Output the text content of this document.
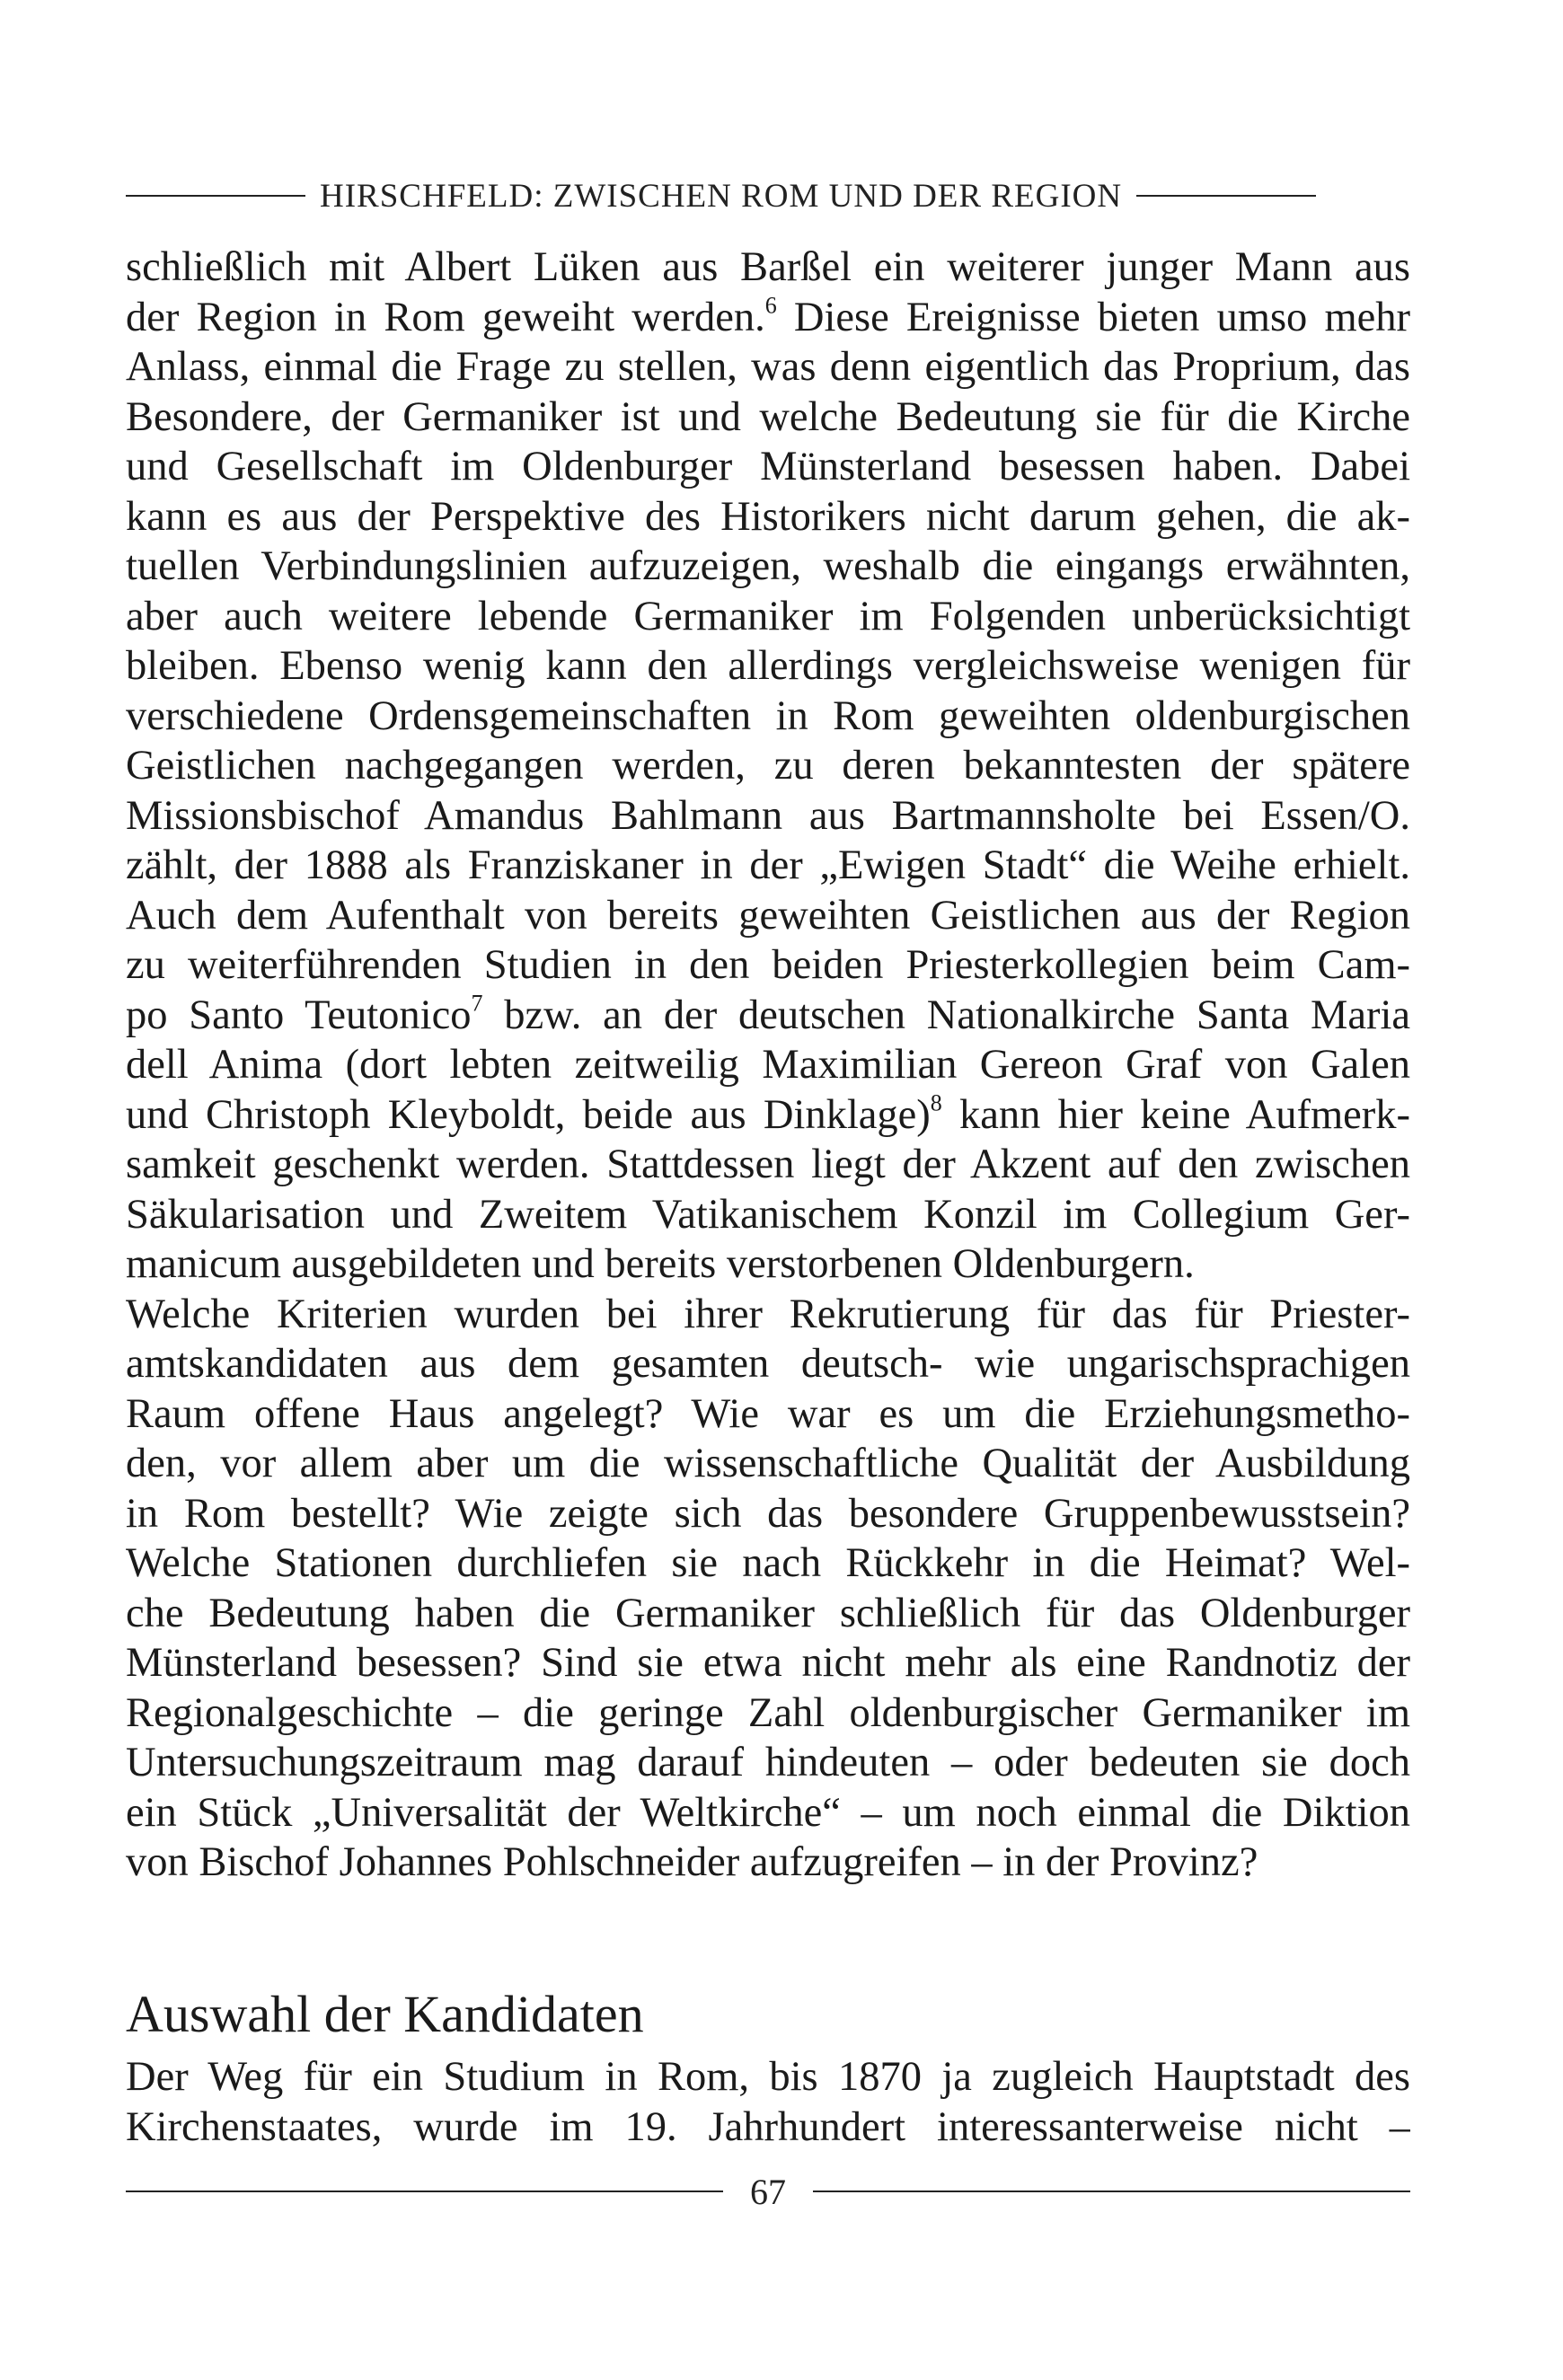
HIRSCHFELD: ZWISCHEN ROM UND DER REGION
schließlich mit Albert Lüken aus Barßel ein weiterer junger Mann aus
der Region in Rom geweiht werden.$^6$ Diese Ereignisse bieten umso mehr
Anlass, einmal die Frage zu stellen, was denn eigentlich das Proprium, das
Besondere, der Germaniker ist und welche Bedeutung sie für die Kirche
und Gesellschaft im Oldenburger Münsterland besessen haben. Dabei
kann es aus der Perspektive des Historikers nicht darum gehen, die ak-
tuellen Verbindungslinien aufzuzeigen, weshalb die eingangs erwähnten,
aber auch weitere lebende Germaniker im Folgenden unberücksichtigt
bleiben. Ebenso wenig kann den allerdings vergleichsweise wenigen für
verschiedene Ordensgemeinschaften in Rom geweihten oldenburgischen
Geistlichen nachgegangen werden, zu deren bekanntesten der spätere
Missionsbischof Amandus Bahlmann aus Bartmannsholte bei Essen/O.
zählt, der 1888 als Franziskaner in der „Ewigen Stadt“ die Weihe erhielt.
Auch dem Aufenthalt von bereits geweihten Geistlichen aus der Region
zu weiterführenden Studien in den beiden Priesterkollegien beim Cam-
po Santo Teutonico$^7$ bzw. an der deutschen Nationalkirche Santa Maria
dell Anima (dort lebten zeitweilig Maximilian Gereon Graf von Galen
und Christoph Kleyboldt, beide aus Dinklage)$^8$ kann hier keine Aufmerk-
samkeit geschenkt werden. Stattdessen liegt der Akzent auf den zwischen
Säkularisation und Zweitem Vatikanischem Konzil im Collegium Ger-
manicum ausgebildeten und bereits verstorbenen Oldenburgern.
Welche Kriterien wurden bei ihrer Rekrutierung für das für Priester-
amtskandidaten aus dem gesamten deutsch- wie ungarischsprachigen
Raum offene Haus angelegt? Wie war es um die Erziehungsmetho-
den, vor allem aber um die wissenschaftliche Qualität der Ausbildung
in Rom bestellt? Wie zeigte sich das besondere Gruppenbewusstsein?
Welche Stationen durchliefen sie nach Rückkehr in die Heimat? Wel-
che Bedeutung haben die Germaniker schließlich für das Oldenburger
Münsterland besessen? Sind sie etwa nicht mehr als eine Randnotiz der
Regionalgeschichte – die geringe Zahl oldenburgischer Germaniker im
Untersuchungszeitraum mag darauf hindeuten – oder bedeuten sie doch
ein Stück „Universalität der Weltkirche“ – um noch einmal die Diktion
von Bischof Johannes Pohlschneider aufzugreifen – in der Provinz?
Auswahl der Kandidaten
Der Weg für ein Studium in Rom, bis 1870 ja zugleich Hauptstadt des
Kirchenstaates, wurde im 19. Jahrhundert interessanterweise nicht –
67
